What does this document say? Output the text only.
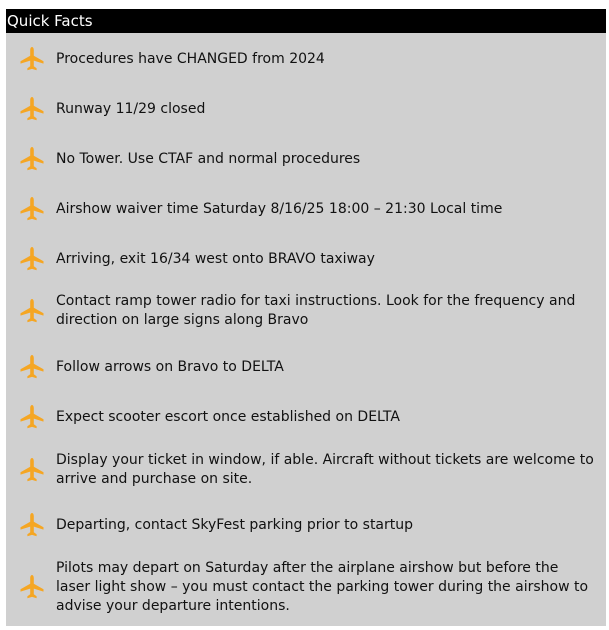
Quick Facts
Procedures have CHANGED from 2024
Runway 11/29 closed
No Tower. Use CTAF and normal procedures
Airshow waiver time Saturday 8/16/25 18:00 – 21:30 Local time
Arriving, exit 16/34 west onto BRAVO taxiway
Contact ramp tower radio for taxi instructions. Look for the frequency and direction on large signs along Bravo
Follow arrows on Bravo to DELTA
Expect scooter escort once established on DELTA
Display your ticket in window, if able. Aircraft without tickets are welcome to arrive and purchase on site.
Departing, contact SkyFest parking prior to startup
Pilots may depart on Saturday after the airplane airshow but before the laser light show – you must contact the parking tower during the airshow to advise your departure intentions.
